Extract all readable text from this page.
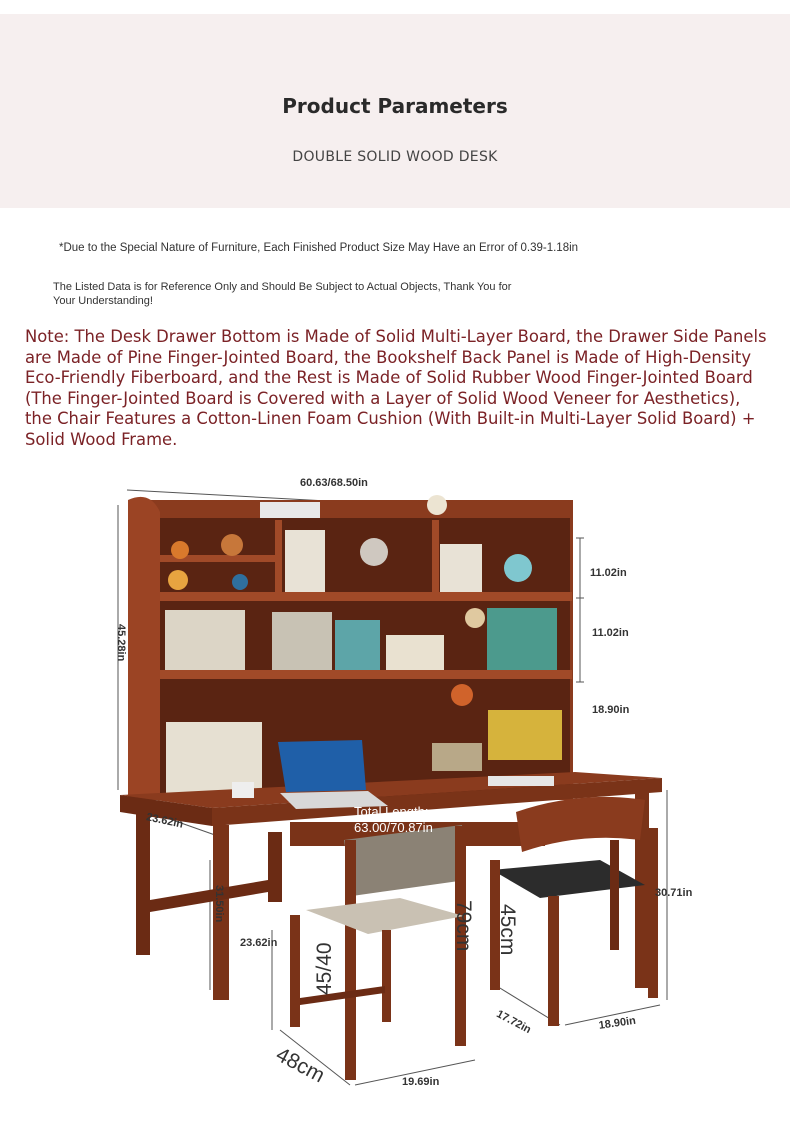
Product Parameters
DOUBLE SOLID WOOD DESK
*Due to the Special Nature of Furniture, Each Finished Product Size May Have an Error of 0.39-1.18in
The Listed Data is for Reference Only and Should Be Subject to Actual Objects, Thank You for Your Understanding!
Note: The Desk Drawer Bottom is Made of Solid Multi-Layer Board, the Drawer Side Panels are Made of Pine Finger-Jointed Board, the Bookshelf Back Panel is Made of High-Density Eco-Friendly Fiberboard, and the Rest is Made of Solid Rubber Wood Finger-Jointed Board (The Finger-Jointed Board is Covered with a Layer of Solid Wood Veneer for Aesthetics), the Chair Features a Cotton-Linen Foam Cushion (With Built-in Multi-Layer Solid Board) + Solid Wood Frame.
60.63/68.50in
45.28in
11.02in
11.02in
18.90in
23.62in	Total Length:
63.00/70.87in
31.50in
23.62in
30.71in
79cm 45cm
45/40
48cm	19.69in
17.72in	18.90in
